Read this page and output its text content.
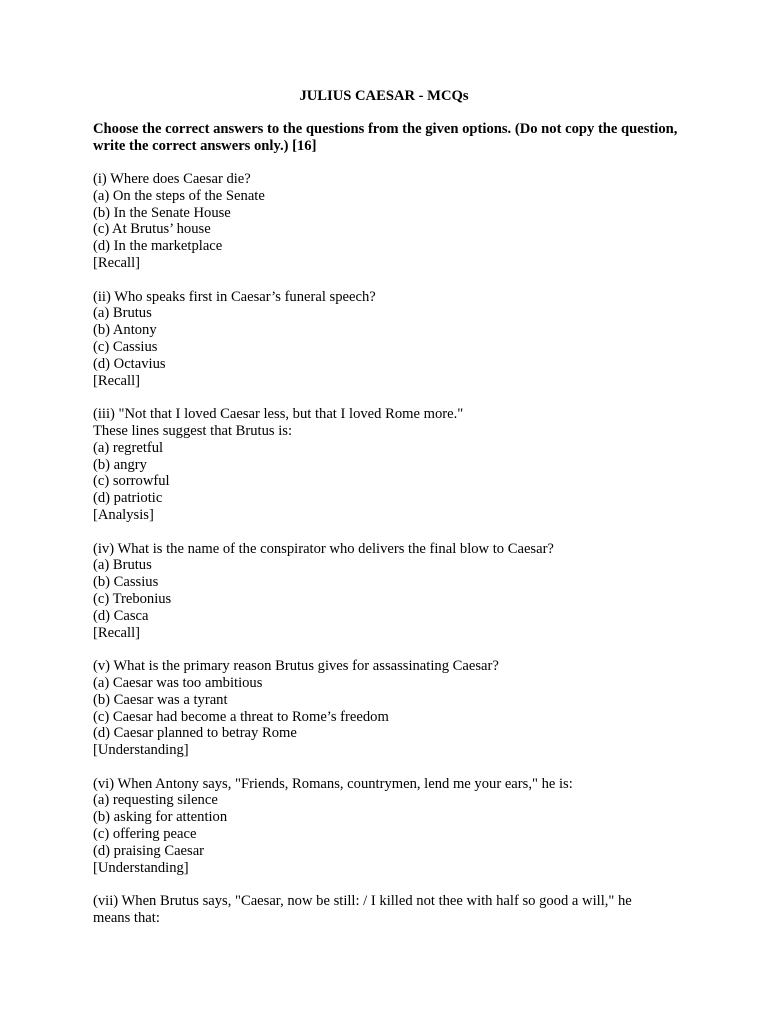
JULIUS CAESAR - MCQs
Choose the correct answers to the questions from the given options. (Do not copy the question, write the correct answers only.) [16]
(i) Where does Caesar die?
(a) On the steps of the Senate
(b) In the Senate House
(c) At Brutus’ house
(d) In the marketplace
[Recall]
(ii) Who speaks first in Caesar’s funeral speech?
(a) Brutus
(b) Antony
(c) Cassius
(d) Octavius
[Recall]
(iii) "Not that I loved Caesar less, but that I loved Rome more."
These lines suggest that Brutus is:
(a) regretful
(b) angry
(c) sorrowful
(d) patriotic
[Analysis]
(iv) What is the name of the conspirator who delivers the final blow to Caesar?
(a) Brutus
(b) Cassius
(c) Trebonius
(d) Casca
[Recall]
(v) What is the primary reason Brutus gives for assassinating Caesar?
(a) Caesar was too ambitious
(b) Caesar was a tyrant
(c) Caesar had become a threat to Rome’s freedom
(d) Caesar planned to betray Rome
[Understanding]
(vi) When Antony says, "Friends, Romans, countrymen, lend me your ears," he is:
(a) requesting silence
(b) asking for attention
(c) offering peace
(d) praising Caesar
[Understanding]
(vii) When Brutus says, "Caesar, now be still: / I killed not thee with half so good a will," he
means that:
